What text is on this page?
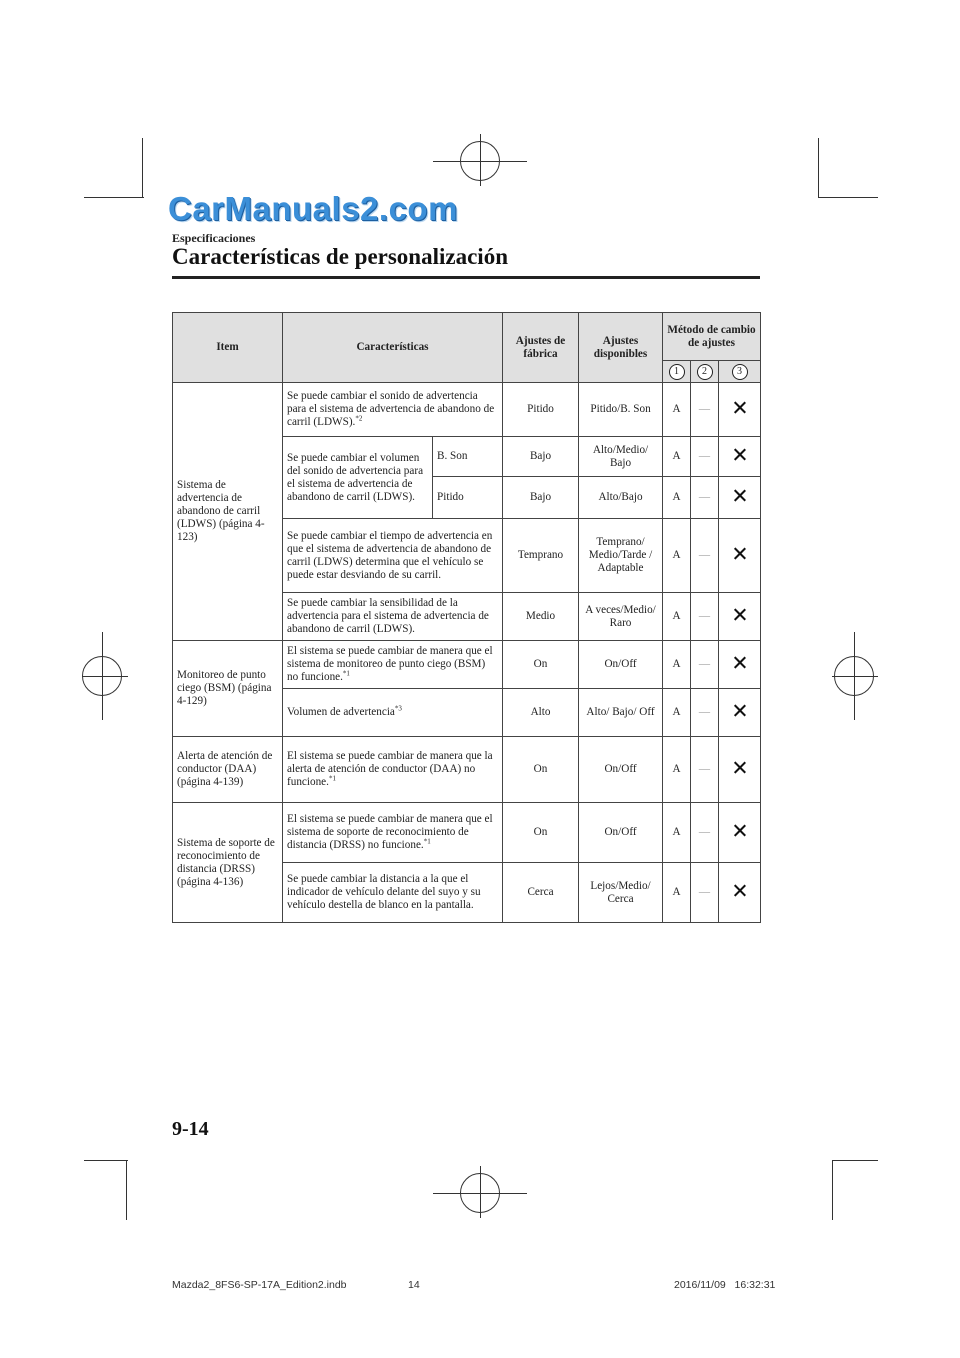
CarManuals2.com
Especificaciones
Características de personalización
Item	Características		Ajustes de fábrica	Ajustes disponibles	Método de cambio de ajustes		
					1	2	3
Sistema de advertencia de abandono de carril (LDWS) (página 4-123)	Se puede cambiar el sonido de advertencia para el sistema de advertencia de abandono de carril (LDWS).$^{*2}$		Pitido	Pitido/B. Son	A	—	
	Se puede cambiar el volumen del sonido de advertencia para el sistema de advertencia de abandono de carril (LDWS).	B. Son	Bajo	Alto/Medio/ Bajo	A	—	
		Pitido	Bajo	Alto/Bajo	A	—	
	Se puede cambiar el tiempo de advertencia en que el sistema de advertencia de abandono de carril (LDWS) determina que el vehículo se puede estar desviando de su carril.		Temprano	Temprano/ Medio/Tarde / Adaptable	A	—	
	Se puede cambiar la sensibilidad de la advertencia para el sistema de advertencia de abandono de carril (LDWS).		Medio	A veces/Medio/ Raro	A	—	
Monitoreo de punto ciego (BSM) (página 4-129)	El sistema se puede cambiar de manera que el sistema de monitoreo de punto ciego (BSM) no funcione.$^{*1}$		On	On/Off	A	—	
	Volumen de advertencia$^{*3}$		Alto	Alto/ Bajo/ Off	A	—	
Alerta de atención de conductor (DAA) (página 4-139)	El sistema se puede cambiar de manera que la alerta de atención de conductor (DAA) no funcione.$^{*1}$		On	On/Off	A	—	
Sistema de soporte de reconocimiento de distancia (DRSS) (página 4-136)	El sistema se puede cambiar de manera que el sistema de soporte de reconocimiento de distancia (DRSS) no funcione.$^{*1}$		On	On/Off	A	—	
	Se puede cambiar la distancia a la que el indicador de vehículo delante del suyo y su vehículo destella de blanco en la pantalla.		Cerca	Lejos/Medio/ Cerca	A	—	
9-14
Mazda2_8FS6-SP-17A_Edition2.indb	14	2016/11/09   16:32:31
